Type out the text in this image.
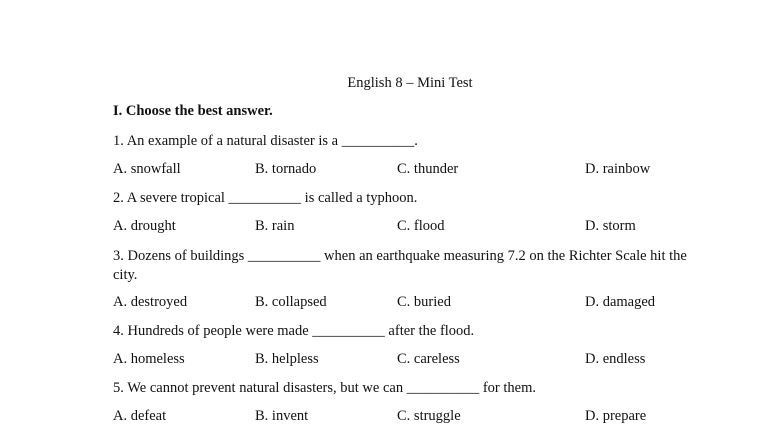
English 8 – Mini Test
I. Choose the best answer.
1. An example of a natural disaster is a __________.
A. snowfall	B. tornado	C. thunder	D. rainbow
2. A severe tropical __________ is called a typhoon.
A. drought	B. rain	C. flood	D. storm
3. Dozens of buildings __________ when an earthquake measuring 7.2 on the Richter Scale hit the city.
A. destroyed	B. collapsed	C. buried	D. damaged
4. Hundreds of people were made __________ after the flood.
A. homeless	B. helpless	C. careless	D. endless
5. We cannot prevent natural disasters, but we can __________ for them.
A. defeat	B. invent	C. struggle	D. prepare
